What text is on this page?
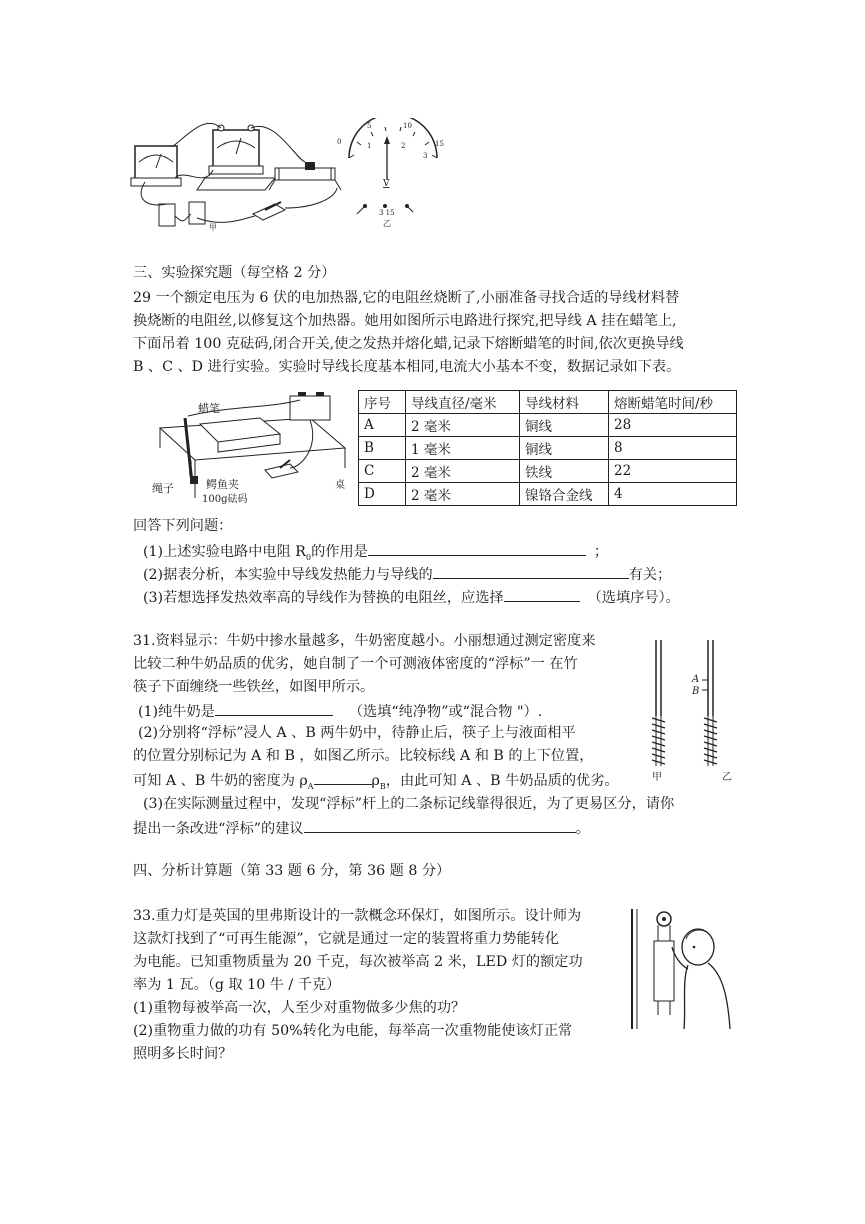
甲
0
5	10
1	2
3
15
V
3 15
乙
三、实验探究题（每空格 2 分）
29 一个额定电压为 6 伏的电加热器,它的电阻丝烧断了,小丽准备寻找合适的导线材料替
换烧断的电阻丝,以修复这个加热器。她用如图所示电路进行探究,把导线 A 挂在蜡笔上,
下面吊着 100 克砝码,闭合开关,使之发热并熔化蜡,记录下熔断蜡笔的时间,依次更换导线
B 、C 、D 进行实验。实验时导线长度基本相同,电流大小基本不变，数据记录如下表。
蜡笔
绳子	鳄鱼夹
100g砝码
桌
序号	导线直径/毫米	导线材料	熔断蜡笔时间/秒
A	2 毫米	铜线	28
B	1 毫米	铜线	8
C	2 毫米	铁线	22
D	2 毫米	镍铬合金线	4
回答下列问题：
(1)上述实验电路中电阻 $R_0$的作用是	；
(2)据表分析，本实验中导线发热能力与导线的	有关；
(3)若想选择发热效率高的导线作为替换的电阻丝，应选择	（选填序号）。
31.资料显示：牛奶中掺水量越多，牛奶密度越小。小丽想通过测定密度来
比较二种牛奶品质的优劣，她自制了一个可测液体密度的“浮标”一 在竹
筷子下面缠绕一些铁丝，如图甲所示。
(1)纯牛奶是	（选填“纯净物”或“混合物 "）.
(2)分别将“浮标”浸人 A 、B 两牛奶中，待静止后，筷子上与液面相平
的位置分别标记为 A 和 B ，如图乙所示。比较标线 A 和 B 的上下位置，
可知 A 、B 牛奶的密度为 $\rho_A$	$\rho_B$，由此可知 A 、B 牛奶品质的优劣。
(3)在实际测量过程中，发现“浮标”杆上的二条标记线靠得很近，为了更易区分，请你
提出一条改进“浮标”的建议	。
A
B
甲	乙
四、分析计算题（第 33 题 6 分，第 36 题 8 分）
33.重力灯是英国的里弗斯设计的一款概念环保灯，如图所示。设计师为
这款灯找到了“可再生能源”，它就是通过一定的装置将重力势能转化
为电能。已知重物质量为 20 千克，每次被举高 2 米，LED 灯的额定功
率为 1 瓦。（g 取 10 牛 / 千克）
(1)重物每被举高一次，人至少对重物做多少焦的功？
(2)重物重力做的功有 50%转化为电能，每举高一次重物能使该灯正常
照明多长时间？
